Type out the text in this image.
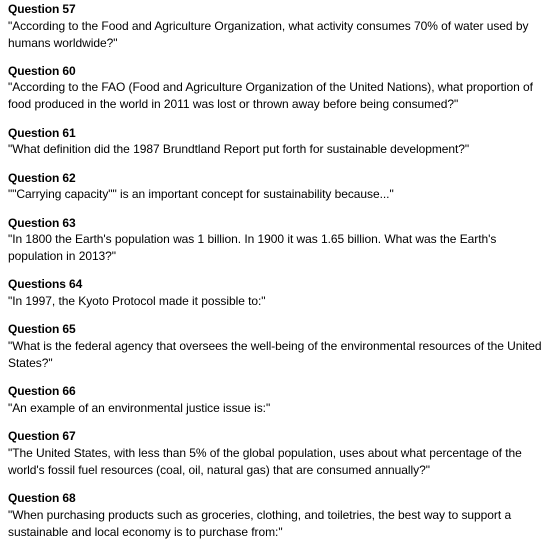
Question 57
"According to the Food and Agriculture Organization, what activity consumes 70% of water used by humans worldwide?"
Question 60
"According to the FAO (Food and Agriculture Organization of the United Nations), what proportion of food produced in the world in 2011 was lost or thrown away before being consumed?"
Question 61
"What definition did the 1987 Brundtland Report put forth for sustainable development?"
Question 62
""Carrying capacity"" is an important concept for sustainability because..."
Question 63
"In 1800 the Earth's population was 1 billion. In 1900 it was 1.65 billion. What was the Earth's population in 2013?"
Questions 64
"In 1997, the Kyoto Protocol made it possible to:"
Question 65
"What is the federal agency that oversees the well-being of the environmental resources of the United States?"
Question 66
"An example of an environmental justice issue is:"
Question 67
"The United States, with less than 5% of the global population, uses about what percentage of the world's fossil fuel resources (coal, oil, natural gas) that are consumed annually?"
Question 68
"When purchasing products such as groceries, clothing, and toiletries, the best way to support a sustainable and local economy is to purchase from:"
